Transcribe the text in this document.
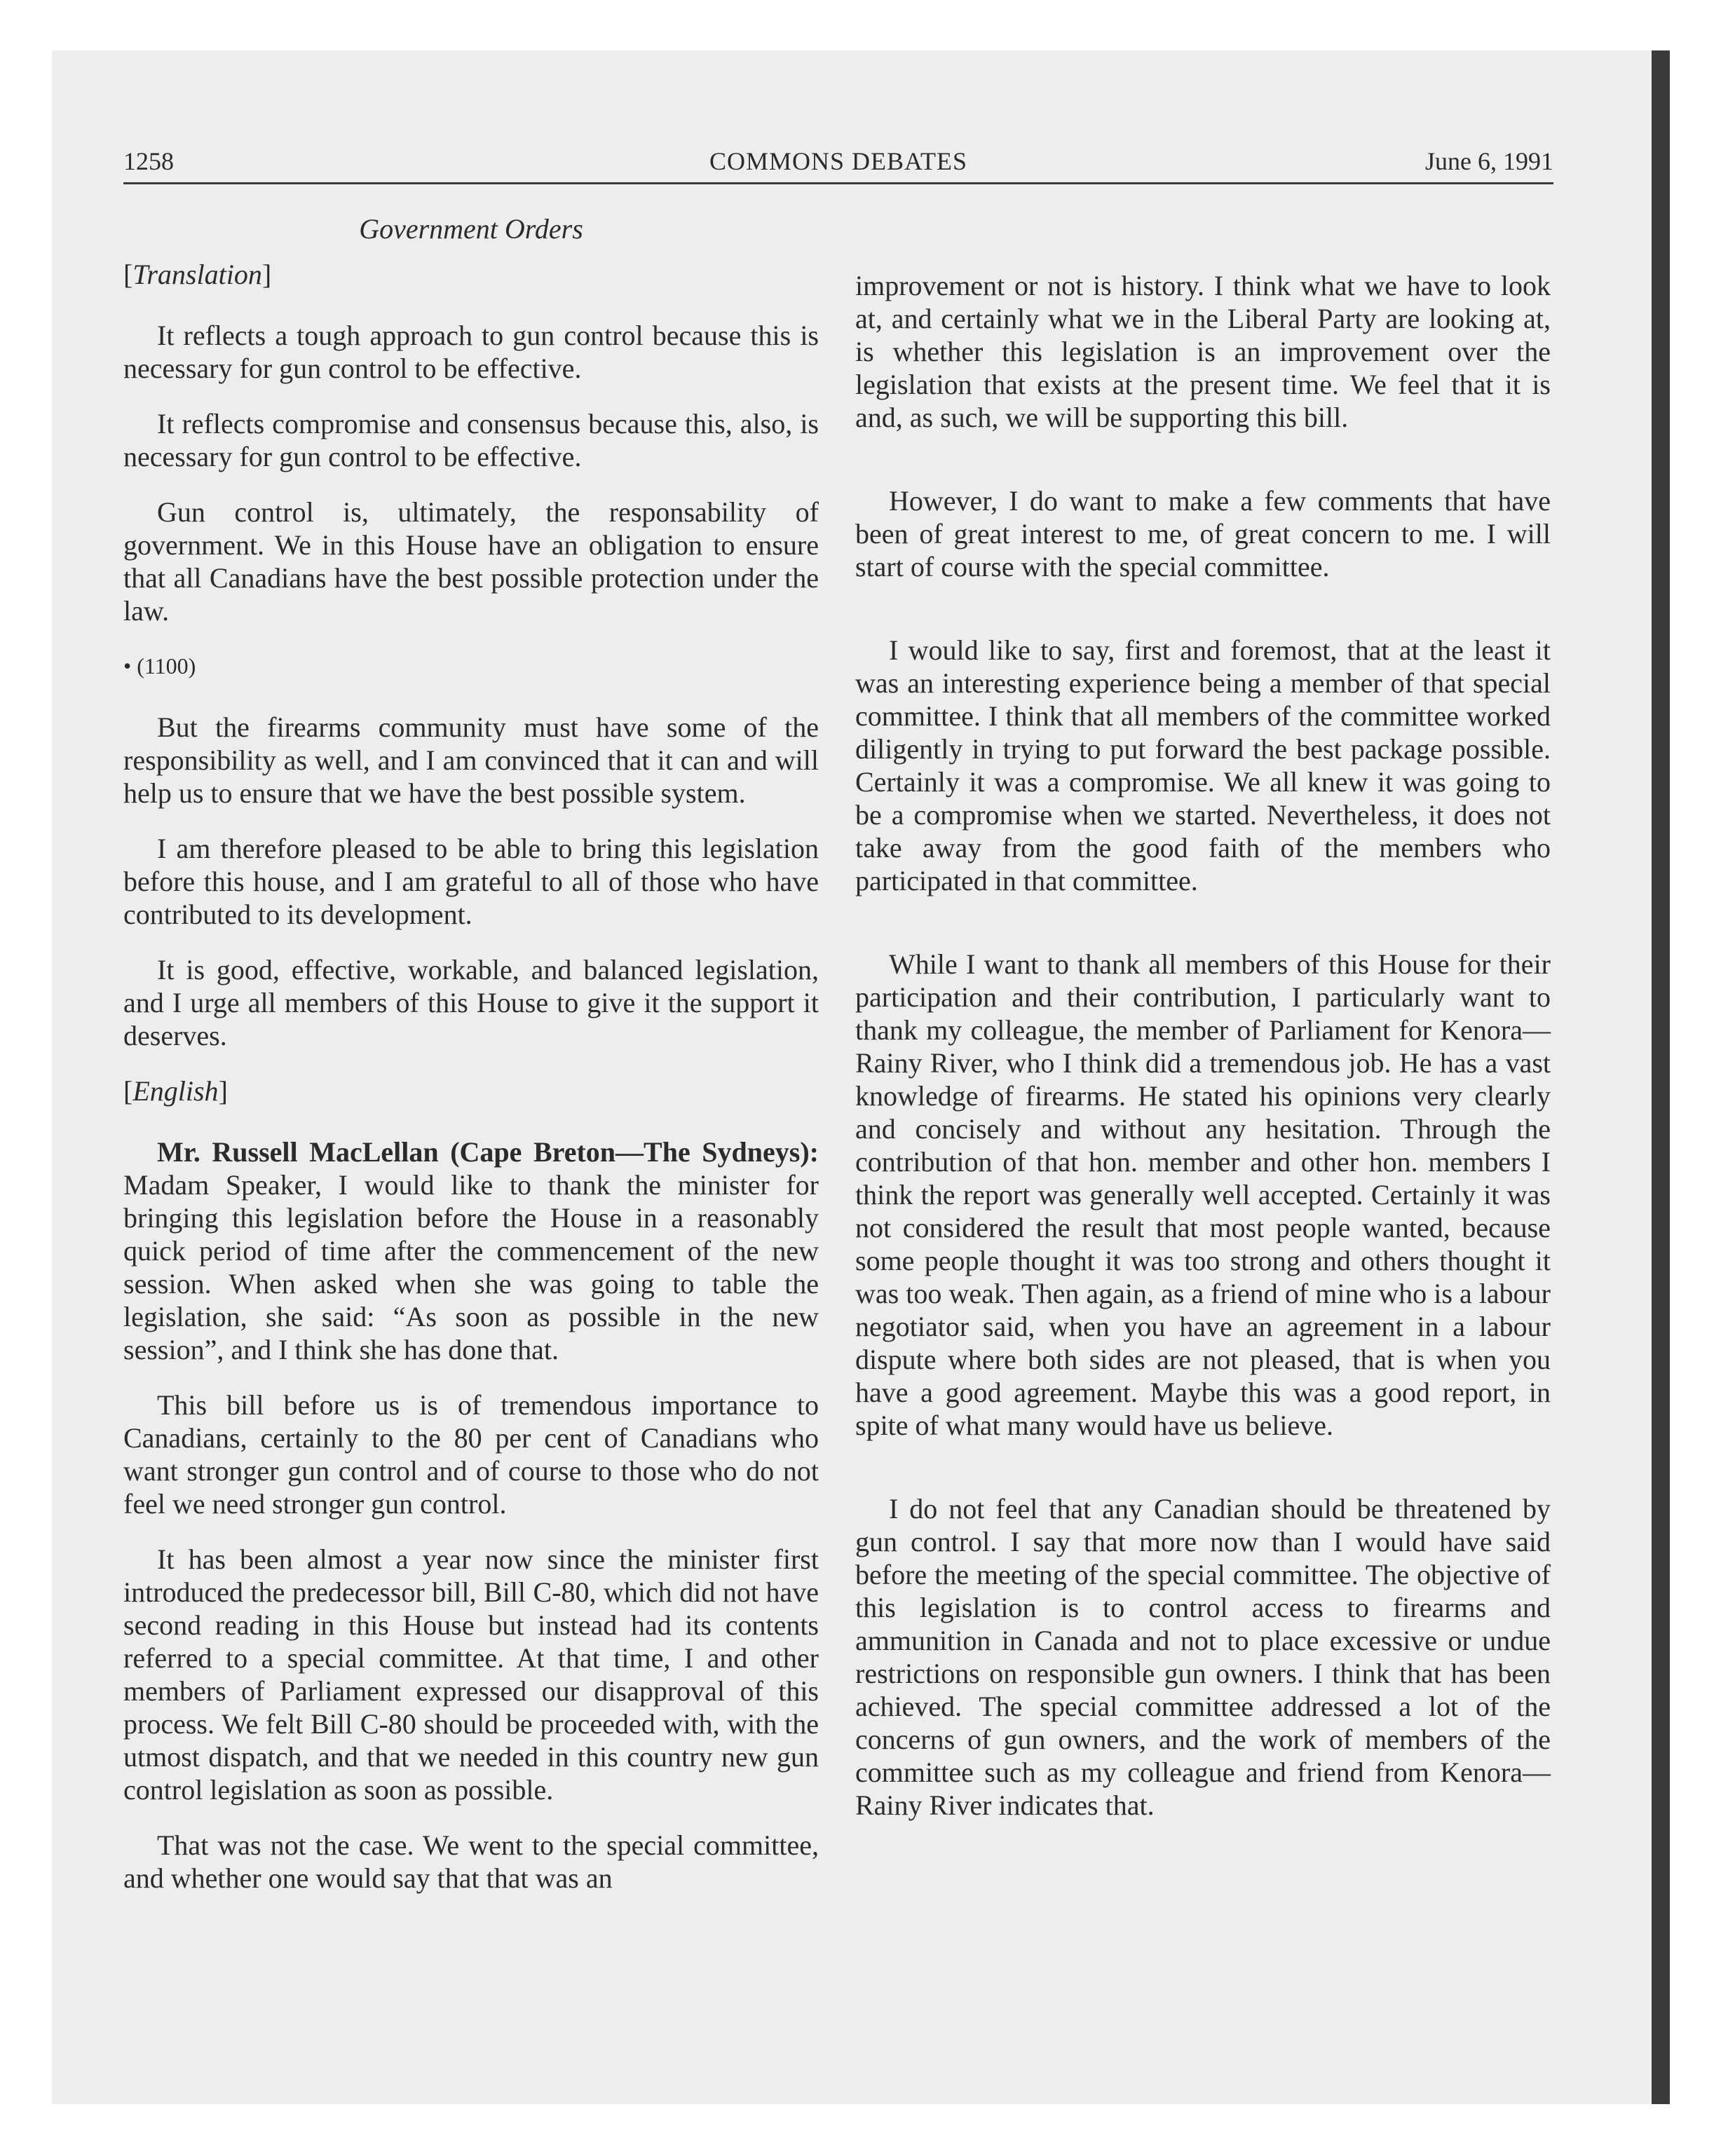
1258	COMMONS DEBATES	June 6, 1991
Government Orders

[Translation]

It reflects a tough approach to gun control because this is necessary for gun control to be effective.

It reflects compromise and consensus because this, also, is necessary for gun control to be effective.

Gun control is, ultimately, the responsability of government. We in this House have an obligation to ensure that all Canadians have the best possible protection under the law.

• (1100)

But the firearms community must have some of the responsibility as well, and I am convinced that it can and will help us to ensure that we have the best possible system.

I am therefore pleased to be able to bring this legislation before this house, and I am grateful to all of those who have contributed to its development.

It is good, effective, workable, and balanced legislation, and I urge all members of this House to give it the support it deserves.

[English]

Mr. Russell MacLellan (Cape Breton—The Sydneys): Madam Speaker, I would like to thank the minister for bringing this legislation before the House in a reasonably quick period of time after the commencement of the new session. When asked when she was going to table the legislation, she said: “As soon as possible in the new session”, and I think she has done that.

This bill before us is of tremendous importance to Canadians, certainly to the 80 per cent of Canadians who want stronger gun control and of course to those who do not feel we need stronger gun control.

It has been almost a year now since the minister first introduced the predecessor bill, Bill C-80, which did not have second reading in this House but instead had its contents referred to a special committee. At that time, I and other members of Parliament expressed our disapproval of this process. We felt Bill C-80 should be proceeded with, with the utmost dispatch, and that we needed in this country new gun control legislation as soon as possible.

That was not the case. We went to the special committee, and whether one would say that that was an

improvement or not is history. I think what we have to look at, and certainly what we in the Liberal Party are looking at, is whether this legislation is an improvement over the legislation that exists at the present time. We feel that it is and, as such, we will be supporting this bill.

However, I do want to make a few comments that have been of great interest to me, of great concern to me. I will start of course with the special committee.

I would like to say, first and foremost, that at the least it was an interesting experience being a member of that special committee. I think that all members of the committee worked diligently in trying to put forward the best package possible. Certainly it was a compromise. We all knew it was going to be a compromise when we started. Nevertheless, it does not take away from the good faith of the members who participated in that committee.

While I want to thank all members of this House for their participation and their contribution, I particularly want to thank my colleague, the member of Parliament for Kenora—Rainy River, who I think did a tremendous job. He has a vast knowledge of firearms. He stated his opinions very clearly and concisely and without any hesitation. Through the contribution of that hon. member and other hon. members I think the report was generally well accepted. Certainly it was not considered the result that most people wanted, because some people thought it was too strong and others thought it was too weak. Then again, as a friend of mine who is a labour negotiator said, when you have an agreement in a labour dispute where both sides are not pleased, that is when you have a good agreement. Maybe this was a good report, in spite of what many would have us believe.

I do not feel that any Canadian should be threatened by gun control. I say that more now than I would have said before the meeting of the special committee. The objective of this legislation is to control access to firearms and ammunition in Canada and not to place excessive or undue restrictions on responsible gun owners. I think that has been achieved. The special committee addressed a lot of the concerns of gun owners, and the work of members of the committee such as my colleague and friend from Kenora—Rainy River indicates that.
